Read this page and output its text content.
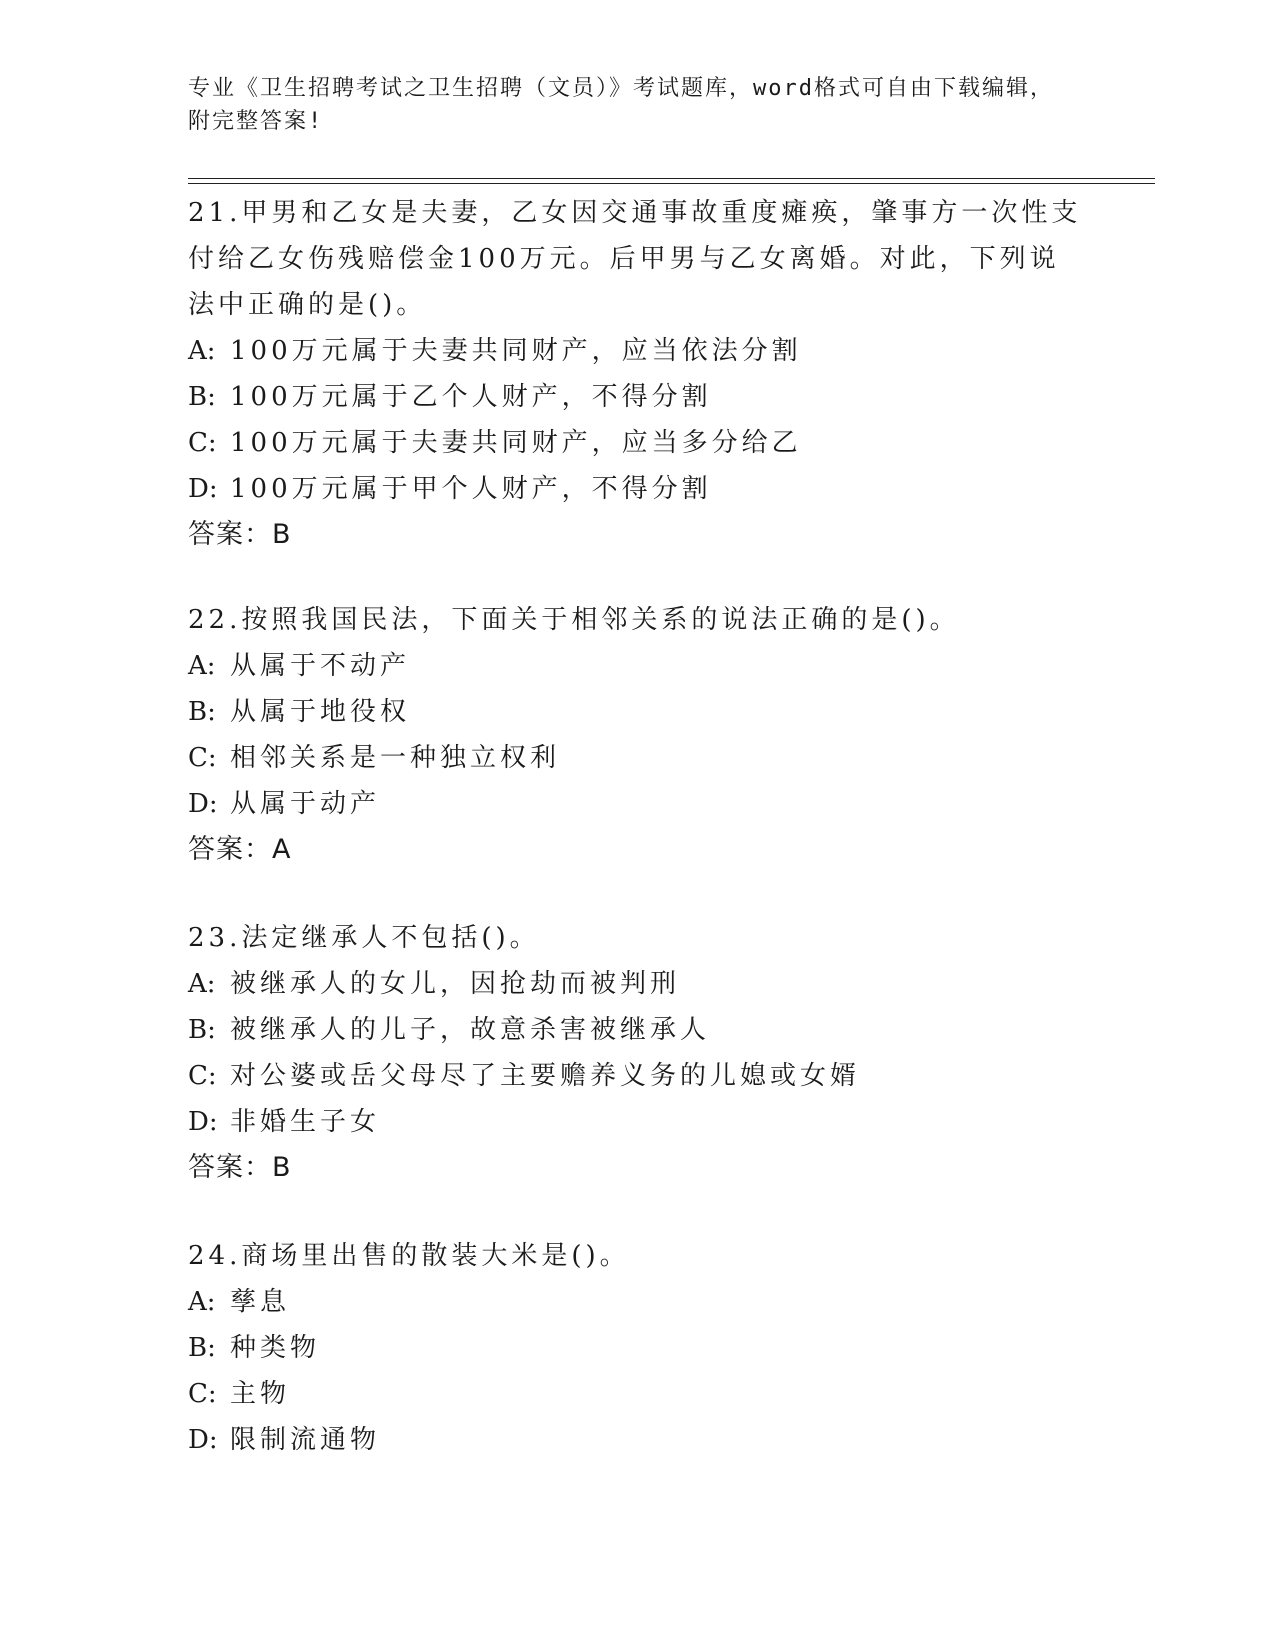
专业《卫生招聘考试之卫生招聘（文员）》考试题库，word格式可自由下载编辑，附完整答案!

21.甲男和乙女是夫妻，乙女因交通事故重度瘫痪，肇事方一次性支付给乙女伤残赔偿金100万元。后甲男与乙女离婚。对此，下列说法中正确的是()。

A: 100万元属于夫妻共同财产，应当依法分割

B: 100万元属于乙个人财产，不得分割

C: 100万元属于夫妻共同财产，应当多分给乙

D: 100万元属于甲个人财产，不得分割

答案：B

22.按照我国民法，下面关于相邻关系的说法正确的是()。

A: 从属于不动产

B: 从属于地役权

C: 相邻关系是一种独立权利

D: 从属于动产

答案：A

23.法定继承人不包括()。

A: 被继承人的女儿，因抢劫而被判刑

B: 被继承人的儿子，故意杀害被继承人

C: 对公婆或岳父母尽了主要赡养义务的儿媳或女婿

D: 非婚生子女

答案：B

24.商场里出售的散装大米是()。

A: 孳息

B: 种类物

C: 主物

D: 限制流通物
